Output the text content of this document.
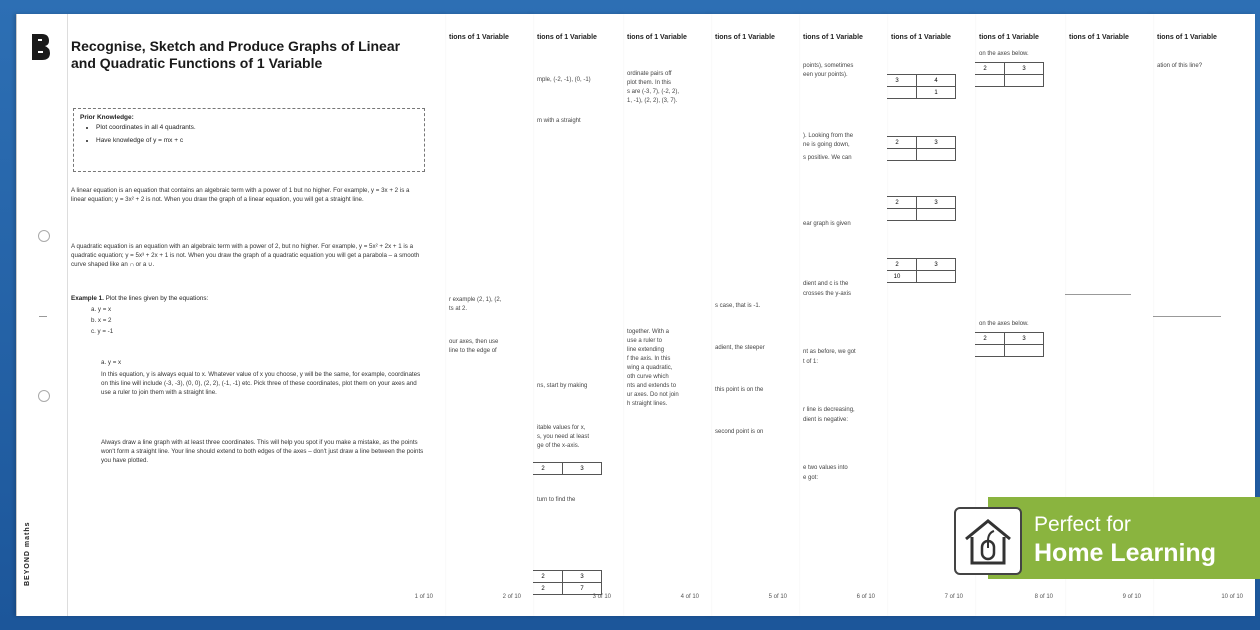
BEYOND maths
Recognise, Sketch and Produce Graphs of Linear and Quadratic Functions of 1 Variable
Prior Knowledge:
• Plot coordinates in all 4 quadrants.
• Have knowledge of y = mx + c
A linear equation is an equation that contains an algebraic term with a power of 1 but no higher. For example, y = 3x + 2 is a linear equation; y = 3x² + 2 is not. When you draw the graph of a linear equation, you will get a straight line.
A quadratic equation is an equation with an algebraic term with a power of 2, but no higher. For example, y = 5x² + 2x + 1 is a quadratic equation; y = 5x³ + 2x + 1 is not. When you draw the graph of a quadratic equation you will get a parabola – a smooth curve shaped like an ∩ or a ∪.
Example 1. Plot the lines given by the equations:
a. y = x
b. x = 2
c. y = -1
a. y = x
In this equation, y is always equal to x. Whatever value of x you choose, y will be the same, for example, coordinates on this line will include (-3, -3), (0, 0), (2, 2), (-1, -1) etc. Pick three of these coordinates, plot them on your axes and use a ruler to join them with a straight line.
Always draw a line graph with at least three coordinates. This will help you spot if you make a mistake, as the points won't form a straight line. Your line should extend to both edges of the axes – don't just draw a line between the points you have plotted.
1 of 10
tions of 1 Variable
r example (2, 1), (2,
ts at 2.
our axes, then use
line to the edge of
2 of 10
tions of 1 Variable
mple, (-2, -1), (0, -1)
m with a straight
ns, start by making
itable values for x,
s, you need at least
ge of the x-axis.
2	3
turn to find the
2	3
2	7
3 of 10
tions of 1 Variable
ordinate pairs off
plot them. In this
s are (-3, 7), (-2, 2),
1, -1), (2, 2), (3, 7).
together. With a
use a ruler to
line extending
f the axis. In this
wing a quadratic,
oth curve which
nts and extends to
ur axes. Do not join
h straight lines.
4 of 10
tions of 1 Variable
s case, that is -1.
adient, the steeper
this point is on the
second point is on
5 of 10
tions of 1 Variable
points), sometimes
een your points).
). Looking from the
ne is going down,
s positive. We can
ear graph is given
dient and c is the
crosses the y-axis
nt as before, we got
t of 1:
r line is decreasing,
dient is negative:
e two values into
e got:
6 of 10
tions of 1 Variable
3	4
	1
2	3

2	3

2	3
10	
7 of 10
tions of 1 Variable
on the axes below.
2	3

on the axes below.
2	3

8 of 10
tions of 1 Variable
9 of 10
tions of 1 Variable
ation of this line?
10 of 10
Perfect for
Home Learning
